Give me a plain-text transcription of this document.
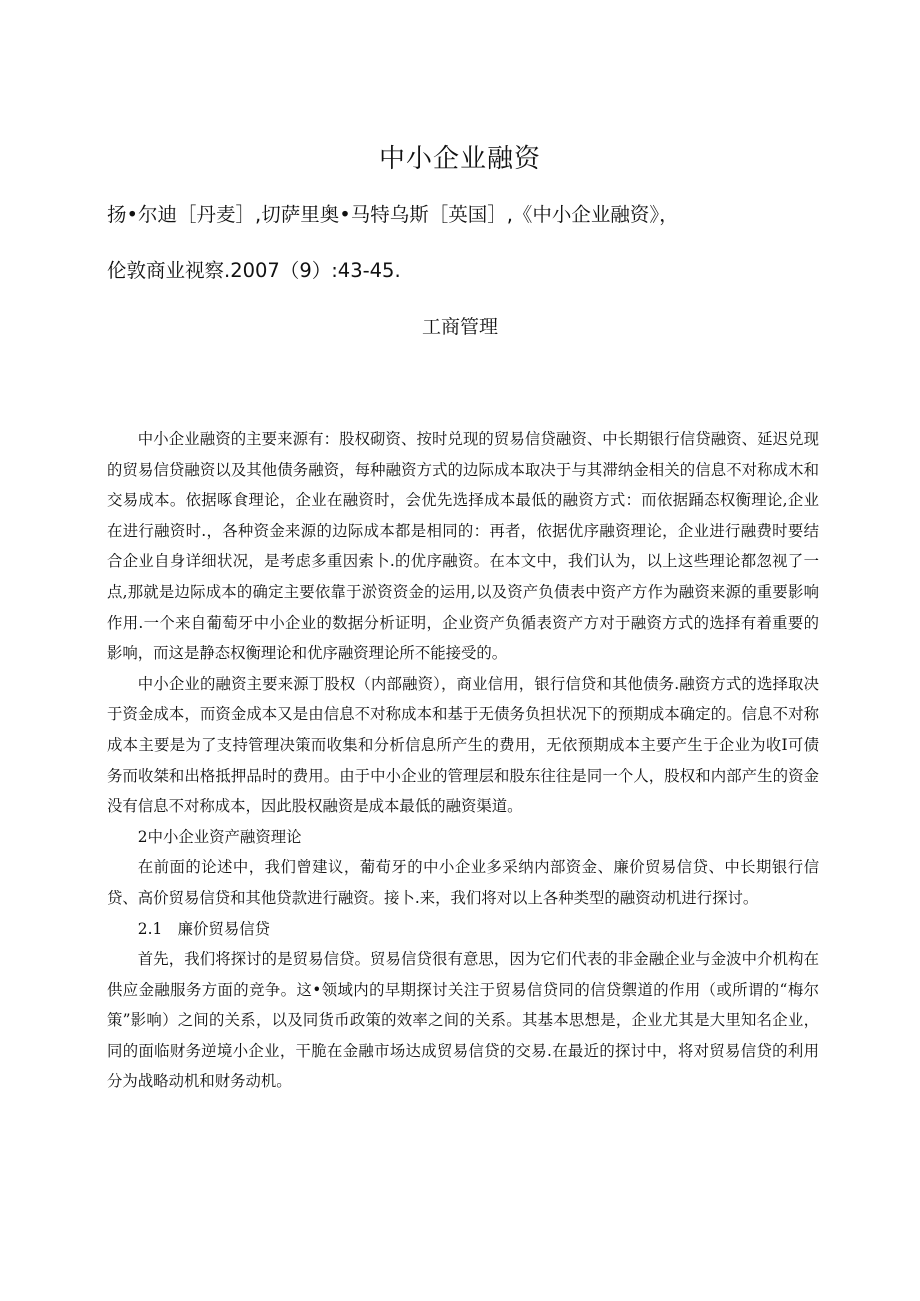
中小企业融资
扬•尔迪［丹麦］,切萨里奥•马特乌斯［英国］,《中小企业融资》，
伦敦商业视察.2007（9）:43-45.
工商管理

中小企业融资的主要来源有：股权砌资、按时兑现的贸易信贷融资、中长期银行信贷融资、延迟兑现的贸易信贷融资以及其他债务融资，每种融资方式的边际成本取决于与其滞纳金相关的信息不对称成木和交易成本。依据啄食理论，企业在融资时，会优先选择成本最低的融资方式：而依据踊态权衡理论,企业在进行融资时.，各种资金来源的边际成本都是相同的：再者，依据优序融资理论，企业进行融费时要结合企业自身详细状况，是考虑多重因索卜.的优序融资。在本文中，我们认为，以上这些理论都忽视了一点,那就是边际成本的确定主要依靠于淤资资金的运用,以及资产负债表中资产方作为融资来源的重要影响作用.一个来自葡萄牙中小企业的数据分析证明，企业资产负循表资产方对于融资方式的选择有着重要的影响，而这是静态权衡理论和优序融资理论所不能接受的。

中小企业的融资主要来源丁股权（内部融资），商业信用，银行信贷和其他债务.融资方式的选择取决于资金成本，而资金成本又是由信息不对称成本和基于无债务负担状况下的预期成本确定的。信息不对称成本主要是为了支持管理决策而收集和分析信息所产生的费用，无依预期成本主要产生于企业为收I可债务而收桀和出格抵押品时的费用。由于中小企业的管理层和股东往往是同一个人，股权和内部产生的资金没有信息不对称成本，因此股权融资是成本最低的融资渠道。

2中小企业资产融资理论

在前面的论述中，我们曾建议，葡荀牙的中小企业多采纳内部资金、廉价贸易信贷、中长期银行信贷、高价贸易信贷和其他贷款进行融资。接卜.来，我们将对以上各种类型的融资动机进行探讨。

2.1　廉价贸易信贷

首先，我们将探讨的是贸易信贷。贸易信贷很有意思，因为它们代表的非金融企业与金波中介机构在供应金融服务方面的竞争。这•领域内的早期探讨关注于贸易信贷同的信贷禦道的作用（或所谓的“梅尔策”影响）之间的关系，以及同货币政策的效率之间的关系。其基本思想是，企业尤其是大里知名企业，同的面临财务逆境小企业，干脆在金融市场达成贸易信贷的交易.在最近的探讨中，将对贸易信贷的利用分为战略动机和财务动机。
